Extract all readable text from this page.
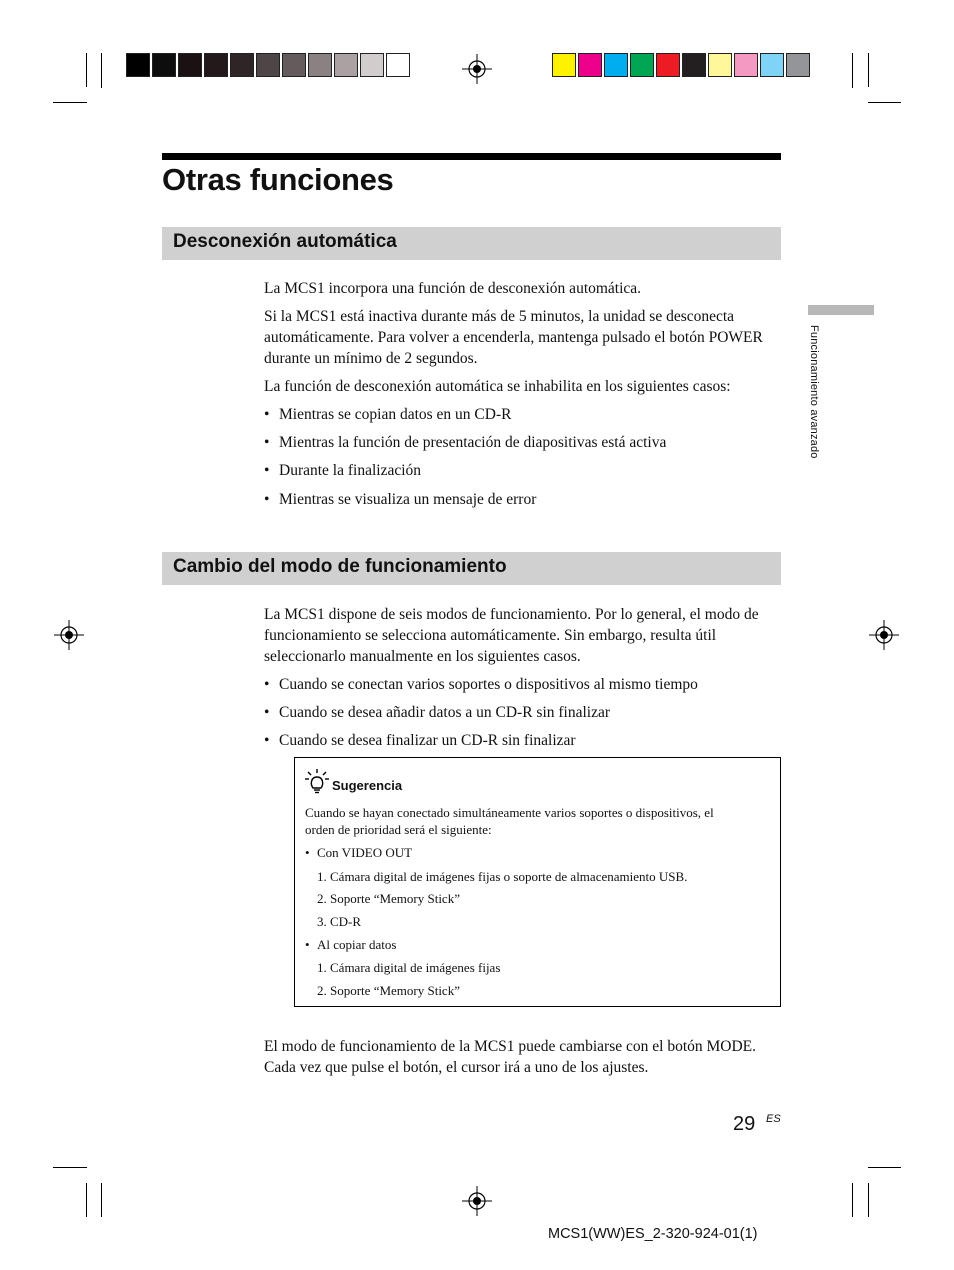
Otras funciones
Desconexión automática
La MCS1 incorpora una función de desconexión automática.
Si la MCS1 está inactiva durante más de 5 minutos, la unidad se desconecta automáticamente. Para volver a encenderla, mantenga pulsado el botón POWER durante un mínimo de 2 segundos.
La función de desconexión automática se inhabilita en los siguientes casos:
• Mientras se copian datos en un CD-R
• Mientras la función de presentación de diapositivas está activa
• Durante la finalización
• Mientras se visualiza un mensaje de error
Funcionamiento avanzado
Cambio del modo de funcionamiento
La MCS1 dispone de seis modos de funcionamiento. Por lo general, el modo de funcionamiento se selecciona automáticamente. Sin embargo, resulta útil seleccionarlo manualmente en los siguientes casos.
• Cuando se conectan varios soportes o dispositivos al mismo tiempo
• Cuando se desea añadir datos a un CD-R sin finalizar
• Cuando se desea finalizar un CD-R sin finalizar
Sugerencia
Cuando se hayan conectado simultáneamente varios soportes o dispositivos, el
orden de prioridad será el siguiente:
• Con VIDEO OUT
1. Cámara digital de imágenes fijas o soporte de almacenamiento USB.
2. Soporte “Memory Stick”
3. CD-R
• Al copiar datos
1. Cámara digital de imágenes fijas
2. Soporte “Memory Stick”
El modo de funcionamiento de la MCS1 puede cambiarse con el botón MODE. Cada vez que pulse el botón, el cursor irá a uno de los ajustes.
29 ES
MCS1(WW)ES_2-320-924-01(1)
